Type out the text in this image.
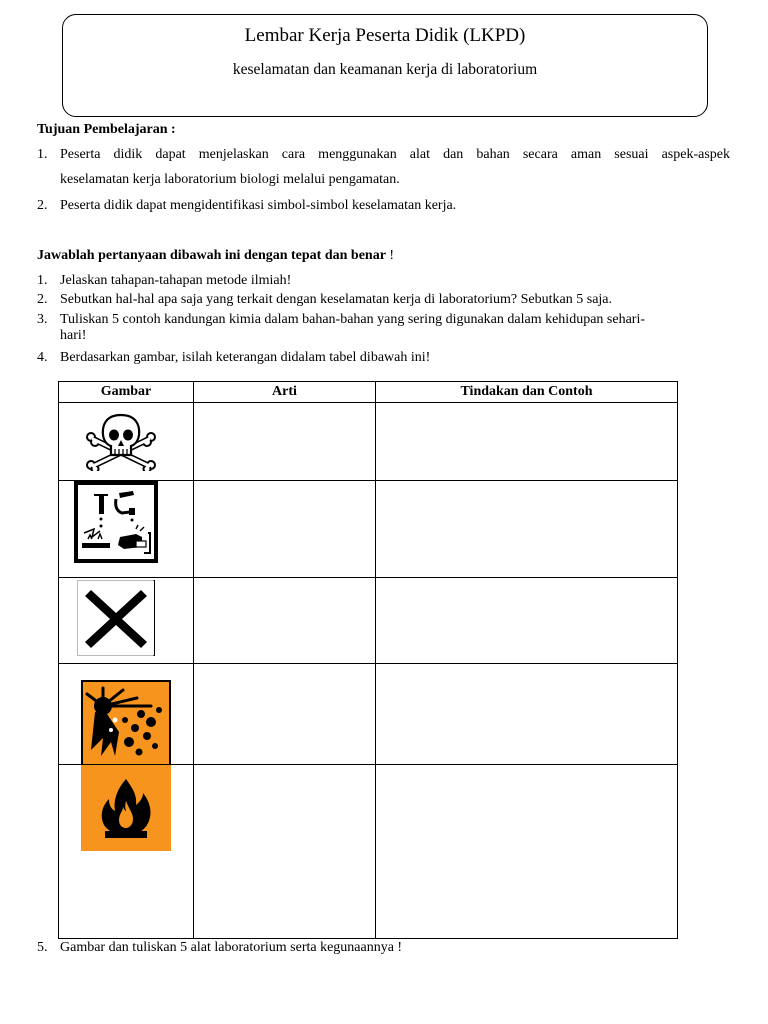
Lembar Kerja Peserta Didik (LKPD)
keselamatan dan keamanan kerja di laboratorium
Tujuan Pembelajaran :
1. Peserta didik dapat menjelaskan cara menggunakan alat dan bahan secara aman sesuai aspek-aspek
keselamatan kerja laboratorium biologi melalui pengamatan.
2. Peserta didik dapat mengidentifikasi simbol-simbol keselamatan kerja.
Jawablah pertanyaan dibawah ini dengan tepat dan benar !
1. Jelaskan tahapan-tahapan metode ilmiah!
2. Sebutkan hal-hal apa saja yang terkait dengan keselamatan kerja di laboratorium? Sebutkan 5 saja.
3. Tuliskan 5 contoh kandungan kimia dalam bahan-bahan yang sering digunakan dalam kehidupan sehari-
hari!
4. Berdasarkan gambar, isilah keterangan didalam tabel dibawah ini!
Gambar	Arti	Tindakan dan Contoh

5. Gambar dan tuliskan 5 alat laboratorium serta kegunaannya !
